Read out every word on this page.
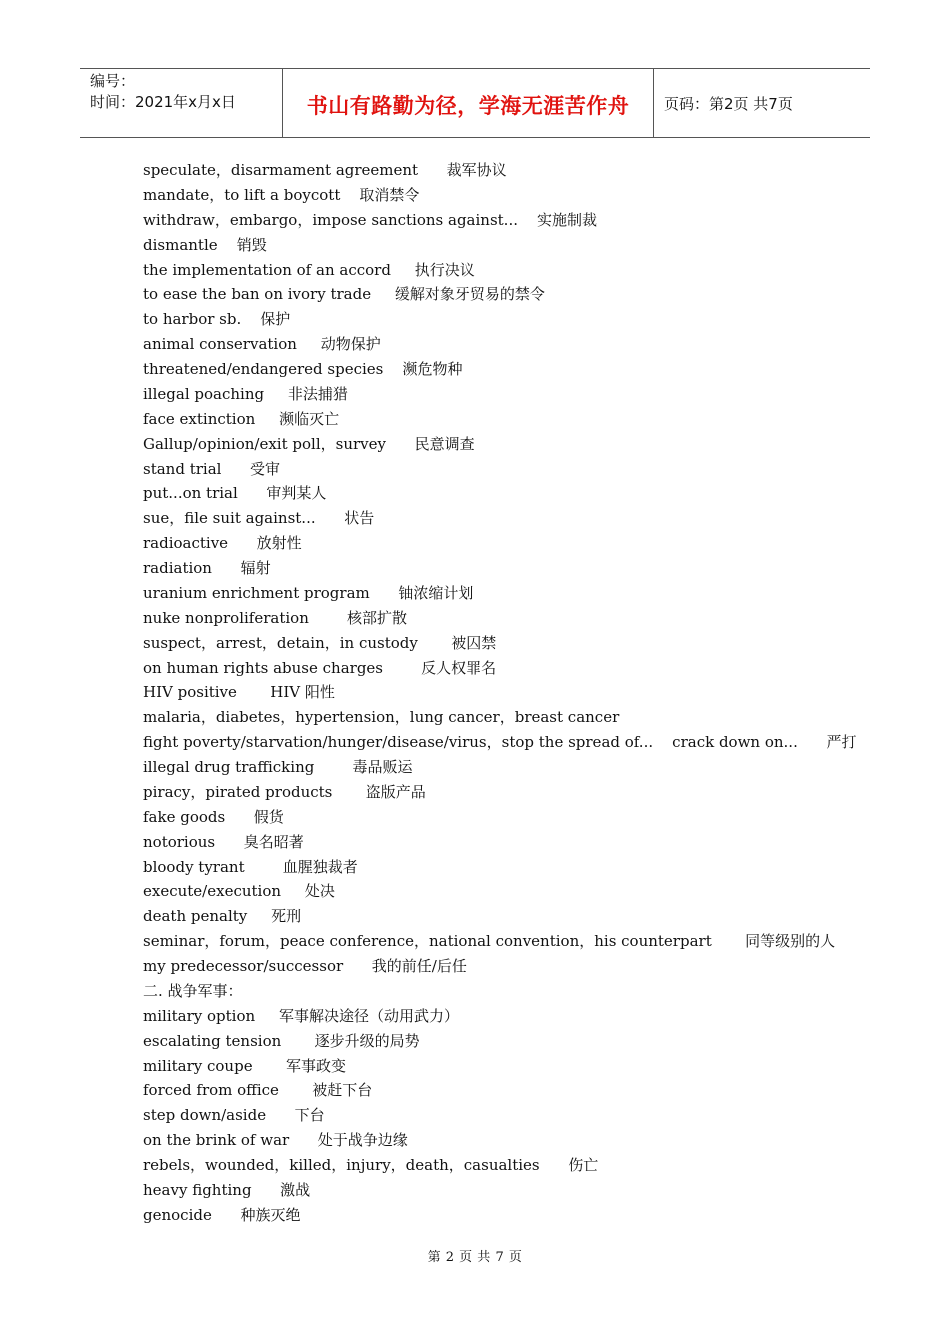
编号：
时间：2021年x月x日	书山有路勤为径，学海无涯苦作舟 页码：第2页 共7页
speculate，disarmament agreement      裁军协议
mandate，to lift a boycott    取消禁令
withdraw，embargo，impose sanctions against...    实施制裁
dismantle    销毁
the implementation of an accord     执行决议
to ease the ban on ivory trade     缓解对象牙贸易的禁令
to harbor sb.    保护
animal conservation     动物保护
threatened/endangered species    濒危物种
illegal poaching     非法捕猎
face extinction     濒临灭亡
Gallup/opinion/exit poll，survey      民意调查
stand trial      受审
put...on trial      审判某人
sue，file suit against...      状告
radioactive      放射性
radiation      辐射
uranium enrichment program      铀浓缩计划
nuke nonproliferation        核部扩散
suspect，arrest，detain，in custody       被囚禁
on human rights abuse charges        反人权罪名
HIV positive       HIV 阳性
malaria，diabetes，hypertension，lung cancer，breast cancer
fight poverty/starvation/hunger/disease/virus，stop the spread of...    crack down on...      严打
illegal drug trafficking        毒品贩运
piracy，pirated products       盗版产品
fake goods      假货
notorious      臭名昭著
bloody tyrant        血腥独裁者
execute/execution     处决
death penalty     死刑
seminar，forum，peace conference，national convention，his counterpart       同等级别的人
my predecessor/successor      我的前任/后任
二. 战争军事：
military option     军事解决途径（动用武力）
escalating tension       逐步升级的局势
military coupe       军事政变
forced from office       被赶下台
step down/aside      下台
on the brink of war      处于战争边缘
rebels，wounded，killed，injury，death，casualties      伤亡
heavy fighting      激战
genocide      种族灭绝
第 2 页 共 7 页
